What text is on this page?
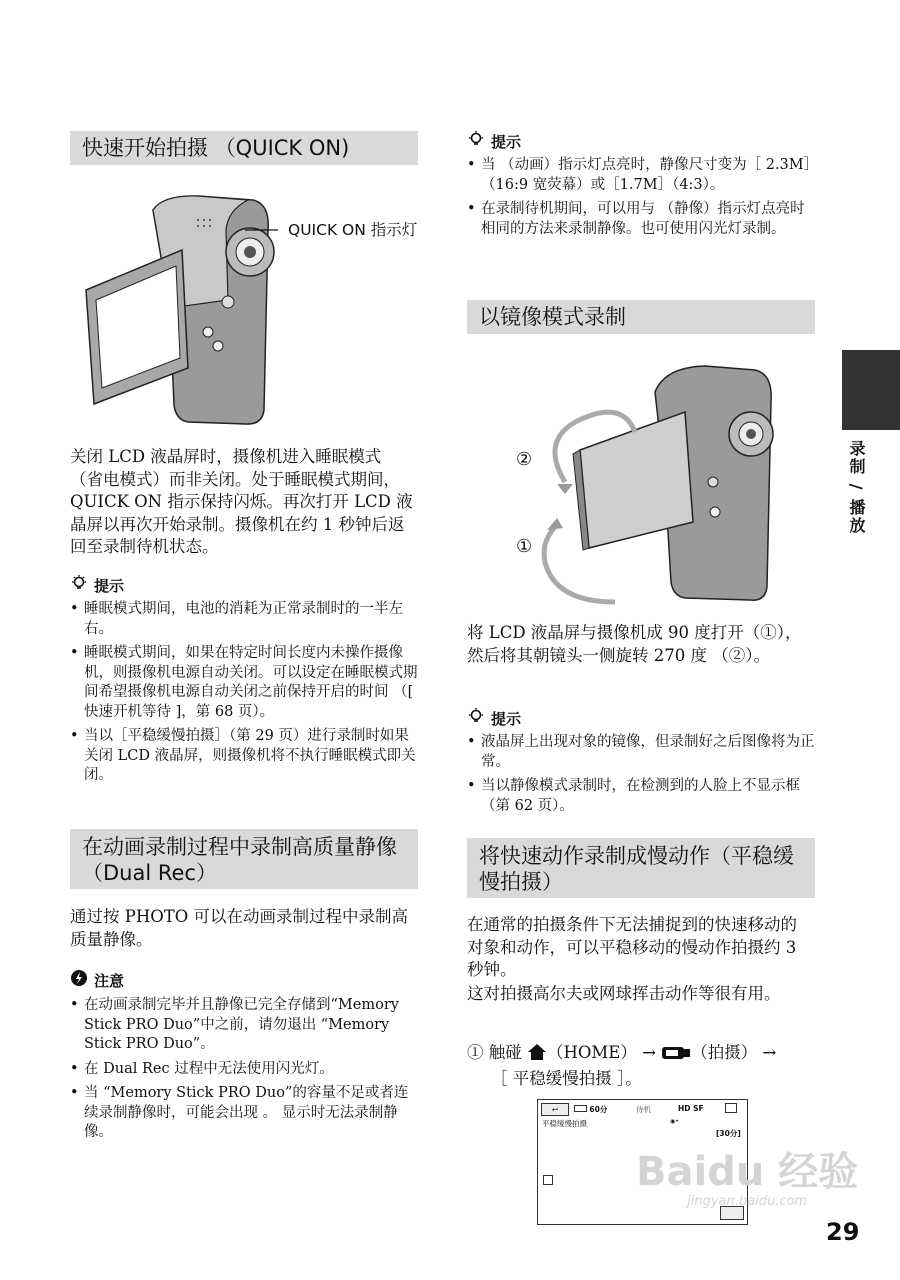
快速开始拍摄 （QUICK ON)
QUICK ON 指示灯
关闭 LCD 液晶屏时，摄像机进入睡眠模式 （省电模式）而非关闭。处于睡眠模式期间，QUICK ON 指示保持闪烁。再次打开 LCD 液晶屏以再次开始录制。摄像机在约 1 秒钟后返回至录制待机状态。
提示
• 睡眠模式期间，电池的消耗为正常录制时的一半左右。
• 睡眠模式期间，如果在特定时间长度内未操作摄像机，则摄像机电源自动关闭。可以设定在睡眠模式期间希望摄像机电源自动关闭之前保持开启的时间 （[ 快速开机等待 ]，第 68 页）。
• 当以［平稳缓慢拍摄］（第 29 页）进行录制时如果关闭 LCD 液晶屏，则摄像机将不执行睡眠模式即关闭。
在动画录制过程中录制高质量静像（Dual Rec）
通过按 PHOTO 可以在动画录制过程中录制高质量静像。
注意
• 在动画录制完毕并且静像已完全存储到“Memory Stick PRO Duo”中之前，请勿退出 “Memory Stick PRO Duo”。
• 在 Dual Rec 过程中无法使用闪光灯。
• 当 “Memory Stick PRO Duo”的容量不足或者连续录制静像时，可能会出现 。 显示时无法录制静像。
提示
• 当 （动画）指示灯点亮时，静像尺寸变为［ 2.3M］（16:9 宽荧幕）或［1.7M］（4:3）。
• 在录制待机期间，可以用与 （静像）指示灯点亮时相同的方法来录制静像。也可使用闪光灯录制。
以镜像模式录制
②
①
将 LCD 液晶屏与摄像机成 90 度打开（①），然后将其朝镜头一侧旋转 270 度 （②）。
提示
• 液晶屏上出现对象的镜像，但录制好之后图像将为正常。
• 当以静像模式录制时，在检测到的人脸上不显示框 （第 62 页）。
将快速动作录制成慢动作（平稳缓慢拍摄）
在通常的拍摄条件下无法捕捉到的快速移动的对象和动作，可以平稳移动的慢动作拍摄约 3 秒钟。
这对拍摄高尔夫或网球挥击动作等很有用。
① 触碰 （HOME） → （拍摄） →
［ 平稳缓慢拍摄 ］。
↩	60分	待机	HD SF
平稳缓慢拍摄	◉•
[30分]
录制 / 播放
29
Baidu 经验
jingyan.baidu.com
